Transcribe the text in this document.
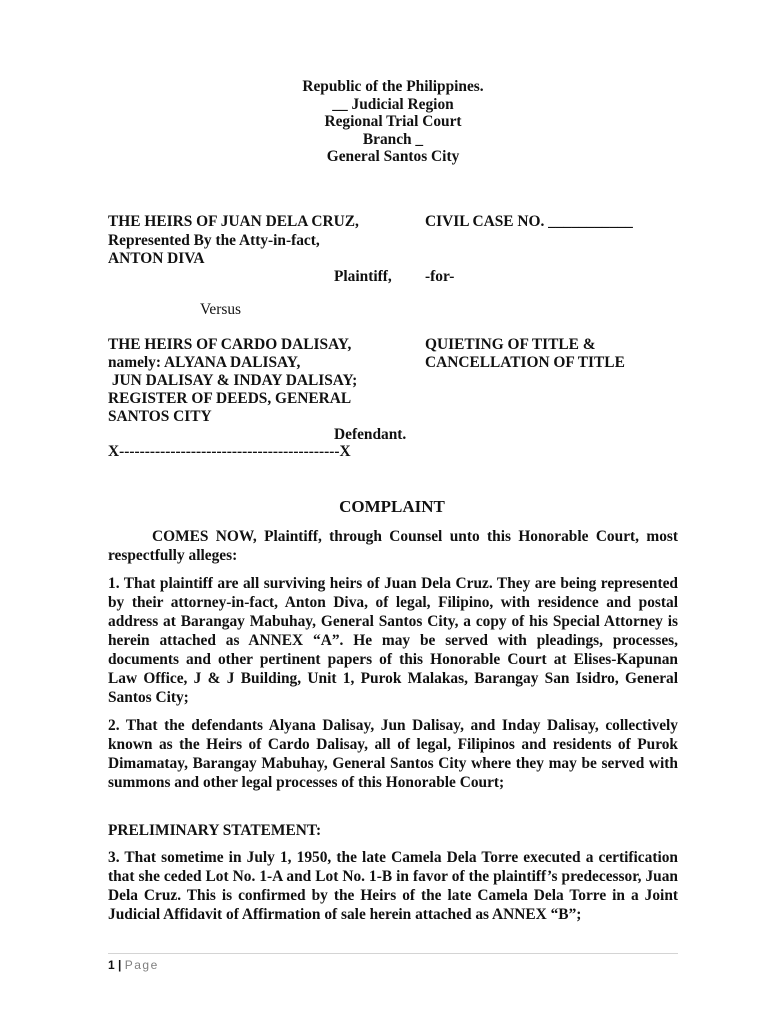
Republic of the Philippines.
__ Judicial Region
Regional Trial Court
Branch _
General Santos City
THE HEIRS OF JUAN DELA CRUZ,
Represented By the Atty-in-fact,
ANTON DIVA
Plaintiff,
CIVIL CASE NO. ___________
-for-
Versus
THE HEIRS OF CARDO DALISAY,
namely: ALYANA DALISAY,
JUN DALISAY & INDAY DALISAY;
REGISTER OF DEEDS, GENERAL
SANTOS CITY
Defendant.
X-------------------------------------------X
QUIETING OF TITLE &
CANCELLATION OF TITLE
COMPLAINT
COMES NOW, Plaintiff, through Counsel unto this Honorable Court, most respectfully alleges:
1. That plaintiff are all surviving heirs of Juan Dela Cruz. They are being represented by their attorney-in-fact, Anton Diva, of legal, Filipino, with residence and postal address at Barangay Mabuhay, General Santos City, a copy of his Special Attorney is herein attached as ANNEX “A”. He may be served with pleadings, processes, documents and other pertinent papers of this Honorable Court at Elises-Kapunan Law Office, J & J Building, Unit 1, Purok Malakas, Barangay San Isidro, General Santos City;
2. That the defendants Alyana Dalisay, Jun Dalisay, and Inday Dalisay, collectively known as the Heirs of Cardo Dalisay, all of legal, Filipinos and residents of Purok Dimamatay, Barangay Mabuhay, General Santos City where they may be served with summons and other legal processes of this Honorable Court;
PRELIMINARY STATEMENT:
3. That sometime in July 1, 1950, the late Camela Dela Torre executed a certification that she ceded Lot No. 1-A and Lot No. 1-B in favor of the plaintiff’s predecessor, Juan Dela Cruz. This is confirmed by the Heirs of the late Camela Dela Torre in a Joint Judicial Affidavit of Affirmation of sale herein attached as ANNEX “B”;
1 | Page
